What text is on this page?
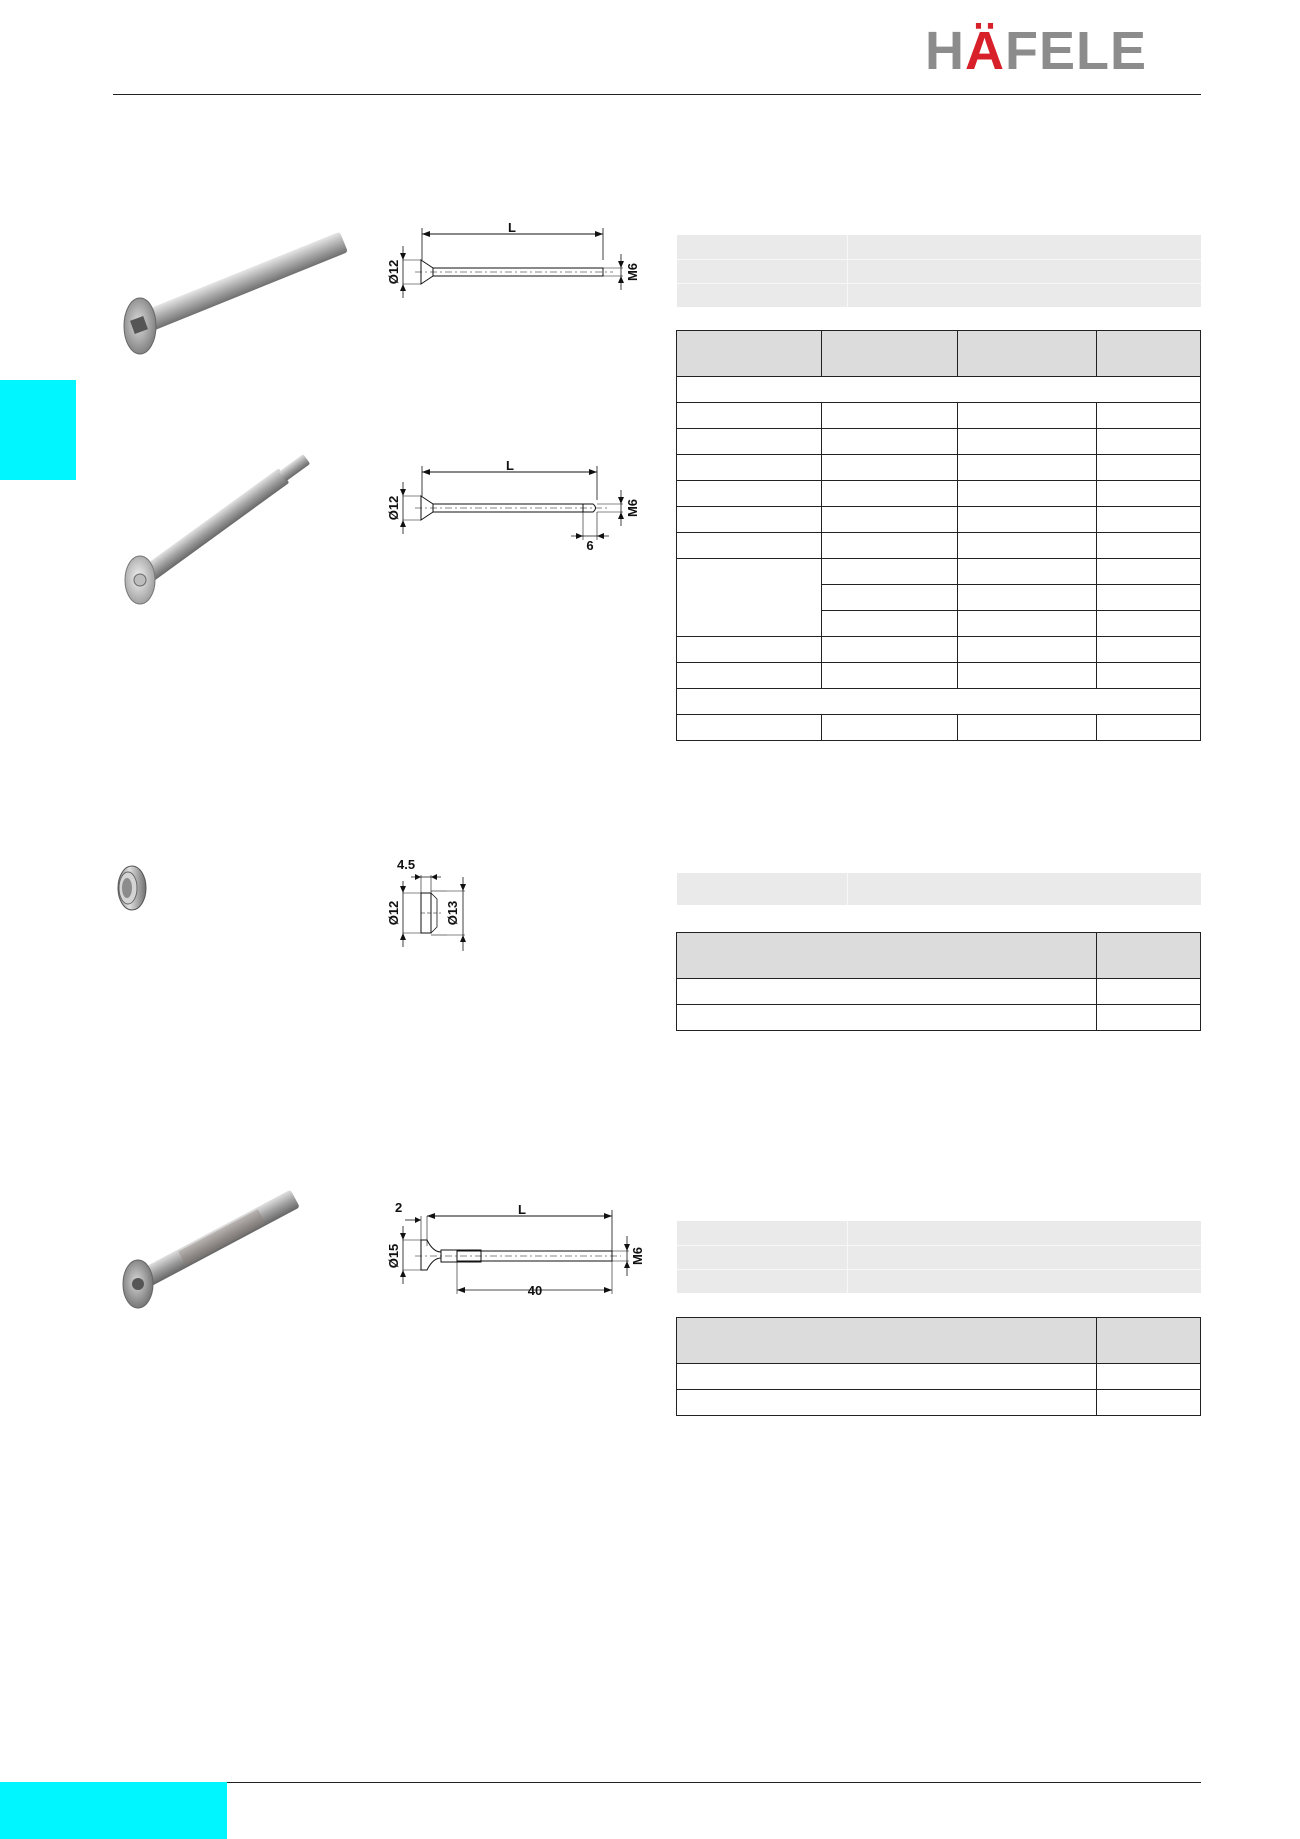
HÄFELE
L
Ø12	M6

L
Ø12	M6
6
4.5
Ø12	Ø13

2	L
Ø15	M6
40
